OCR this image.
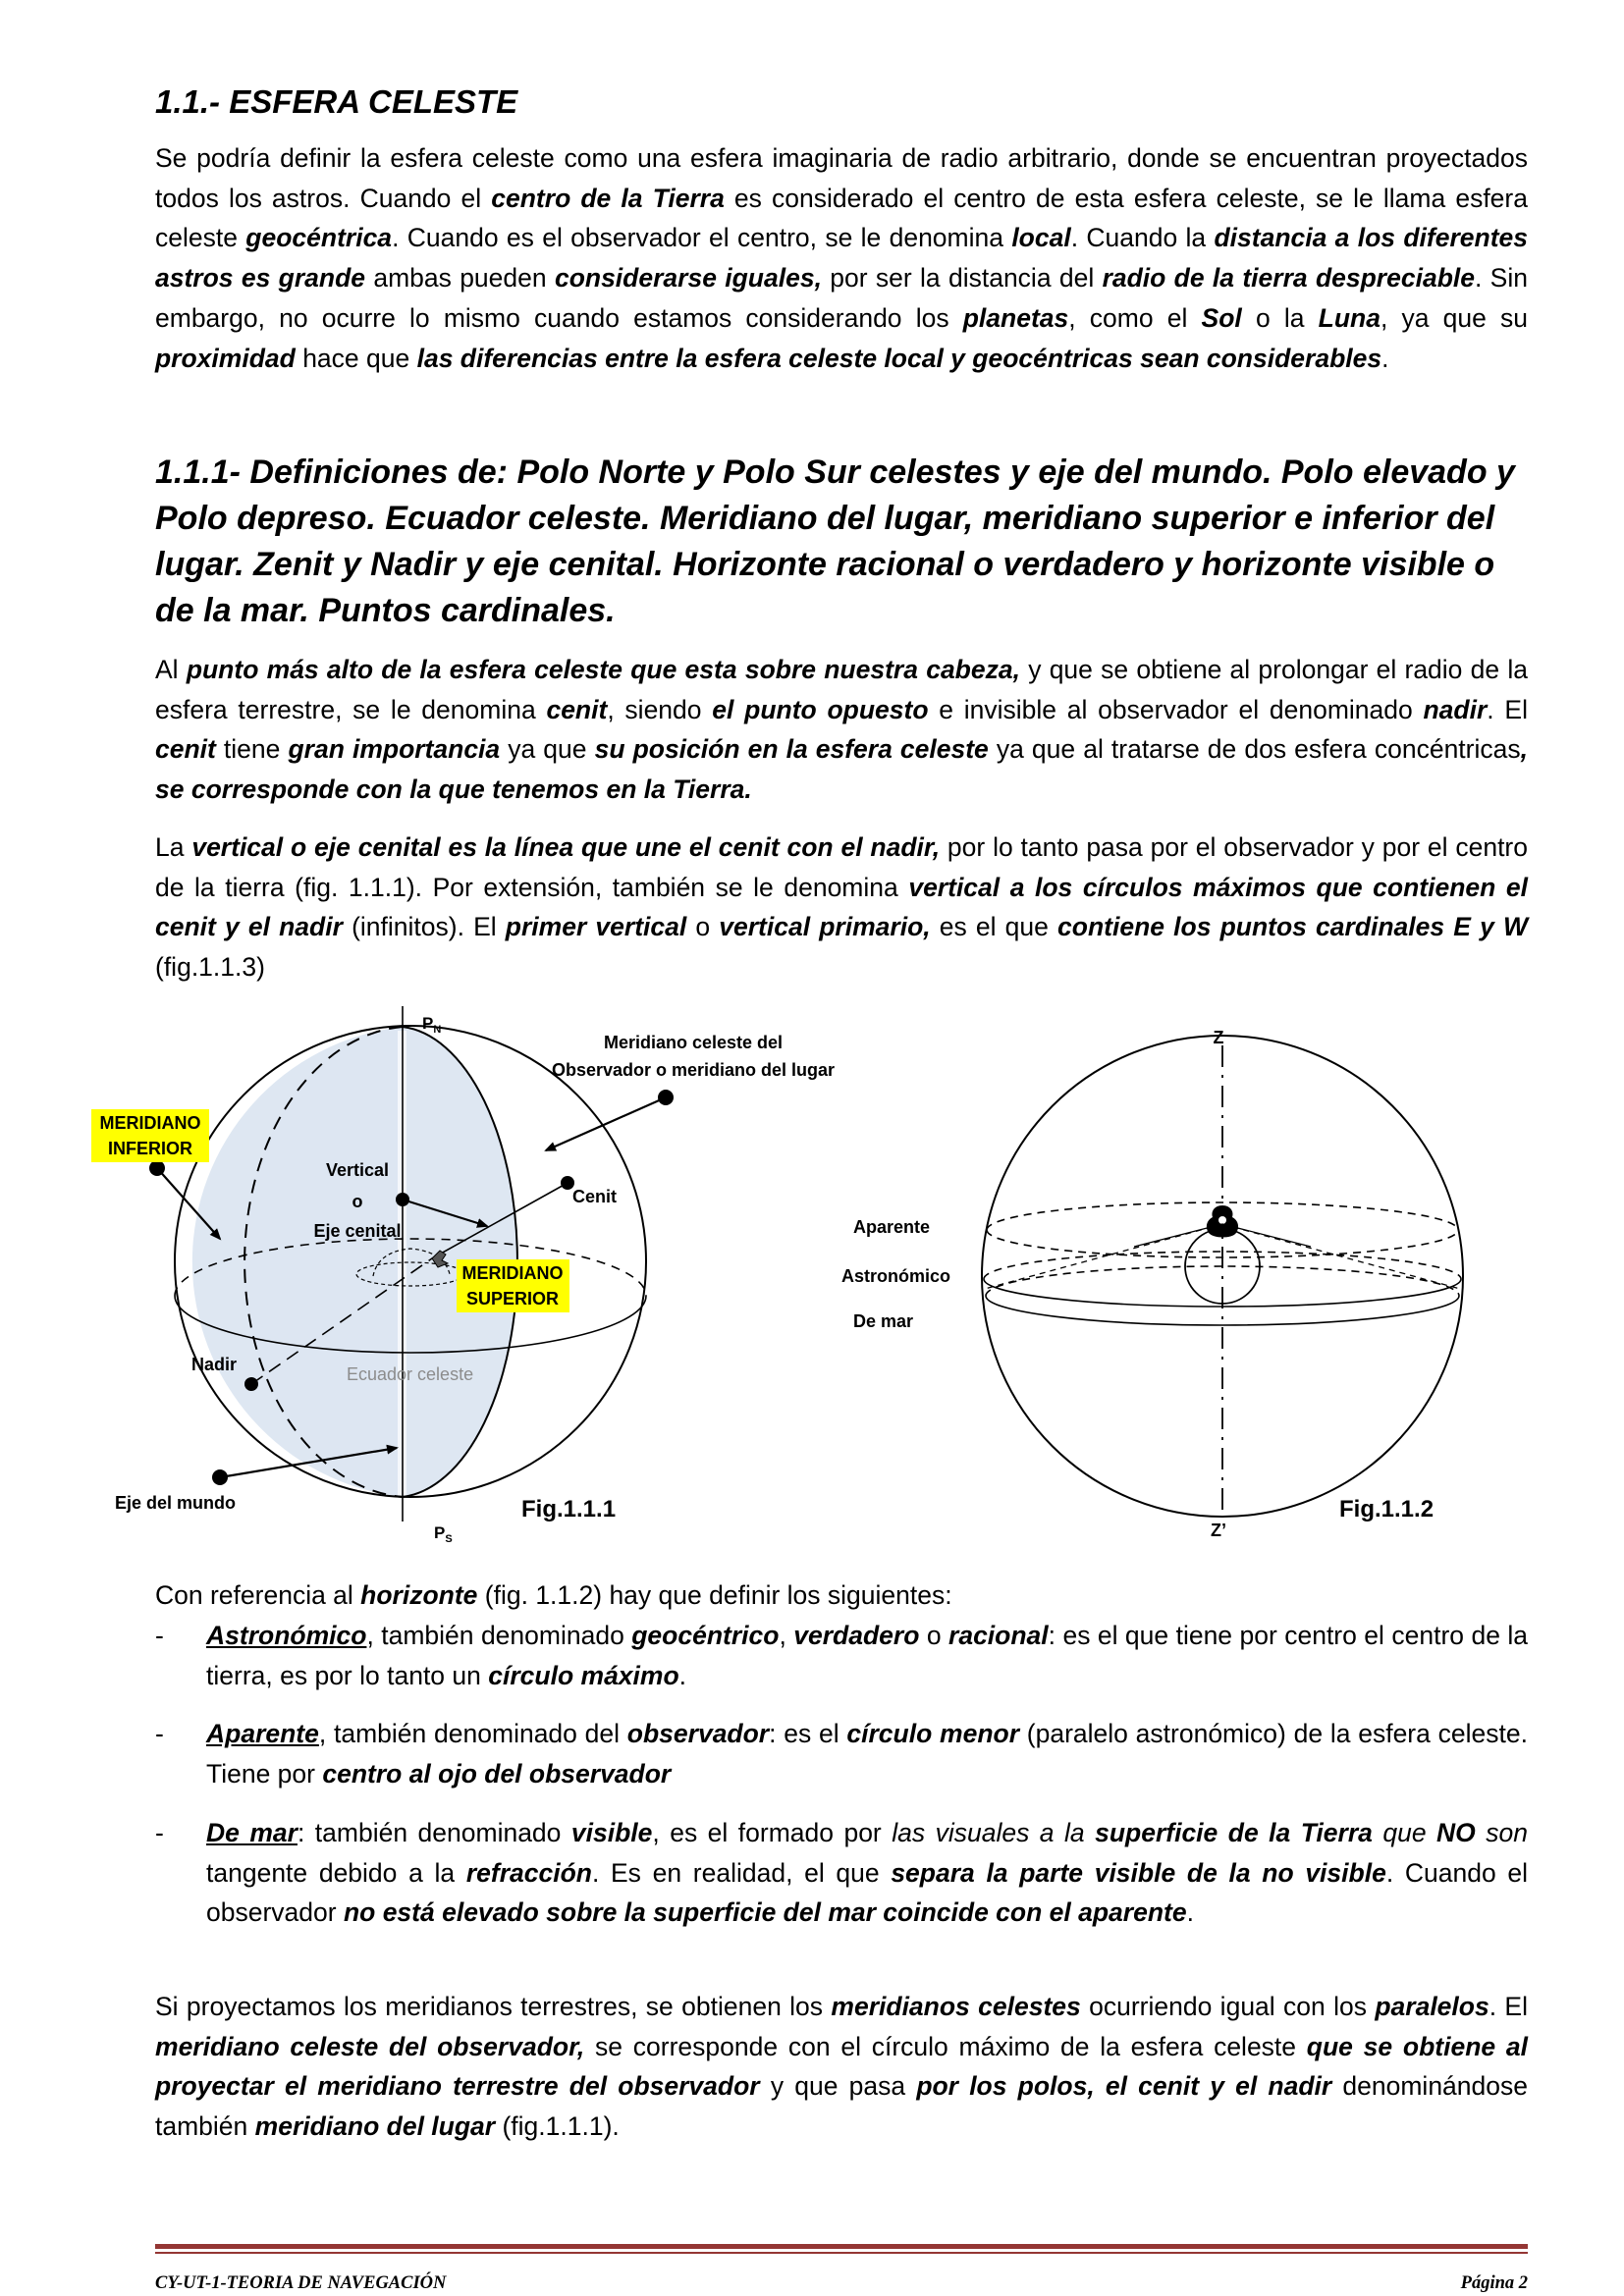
1.1.- ESFERA CELESTE

Se podría definir la esfera celeste como una esfera imaginaria de radio arbitrario, donde se encuentran proyectados todos los astros. Cuando el centro de la Tierra es considerado el centro de esta esfera celeste, se le llama esfera celeste geocéntrica. Cuando es el observador el centro, se le denomina local. Cuando la distancia a los diferentes astros es grande ambas pueden considerarse iguales, por ser la distancia del radio de la tierra despreciable. Sin embargo, no ocurre lo mismo cuando estamos considerando los planetas, como el Sol o la Luna, ya que su proximidad hace que las diferencias entre la esfera celeste local y geocéntricas sean considerables.

1.1.1- Definiciones de: Polo Norte y Polo Sur celestes y eje del mundo. Polo elevado y Polo depreso. Ecuador celeste. Meridiano del lugar, meridiano superior e inferior del lugar. Zenit y Nadir y eje cenital. Horizonte racional o verdadero y horizonte visible o de la mar. Puntos cardinales.

Al punto más alto de la esfera celeste que esta sobre nuestra cabeza, y que se obtiene al prolongar el radio de la esfera terrestre, se le denomina cenit, siendo el punto opuesto e invisible al observador el denominado nadir. El cenit tiene gran importancia ya que su posición en la esfera celeste ya que al tratarse de dos esfera concéntricas, se corresponde con la que tenemos en la Tierra.

La vertical o eje cenital es la línea que une el cenit con el nadir, por lo tanto pasa por el observador y por el centro de la tierra (fig. 1.1.1). Por extensión, también se le denomina vertical a los círculos máximos que contienen el cenit y el nadir (infinitos). El primer vertical o vertical primario, es el que contiene los puntos cardinales E y W (fig.1.1.3)

$P_N$
$P_S$
Meridiano celeste del
Observador o meridiano del lugar
MERIDIANO
INFERIOR
Vertical
o
Eje cenital
Cenit
MERIDIANO
SUPERIOR
Nadir	Ecuador celeste
Eje del mundo	Fig.1.1.1
Z
Z’
Aparente
Astronómico
De mar
Fig.1.1.2

Con referencia al horizonte (fig. 1.1.2) hay que definir los siguientes:

- Astronómico, también denominado geocéntrico, verdadero o racional: es el que tiene por centro el centro de la tierra, es por lo tanto un círculo máximo.
- Aparente, también denominado del observador: es el círculo menor (paralelo astronómico) de la esfera celeste. Tiene por centro al ojo del observador
- De mar: también denominado visible, es el formado por las visuales a la superficie de la Tierra que NO son tangente debido a la refracción. Es en realidad, el que separa la parte visible de la no visible. Cuando el observador no está elevado sobre la superficie del mar coincide con el aparente.

Si proyectamos los meridianos terrestres, se obtienen los meridianos celestes ocurriendo igual con los paralelos. El meridiano celeste del observador, se corresponde con el círculo máximo de la esfera celeste que se obtiene al proyectar el meridiano terrestre del observador y que pasa por los polos, el cenit y el nadir denominándose también meridiano del lugar (fig.1.1.1).

CY-UT-1-TEORIA DE NAVEGACIÓN	Página 2
